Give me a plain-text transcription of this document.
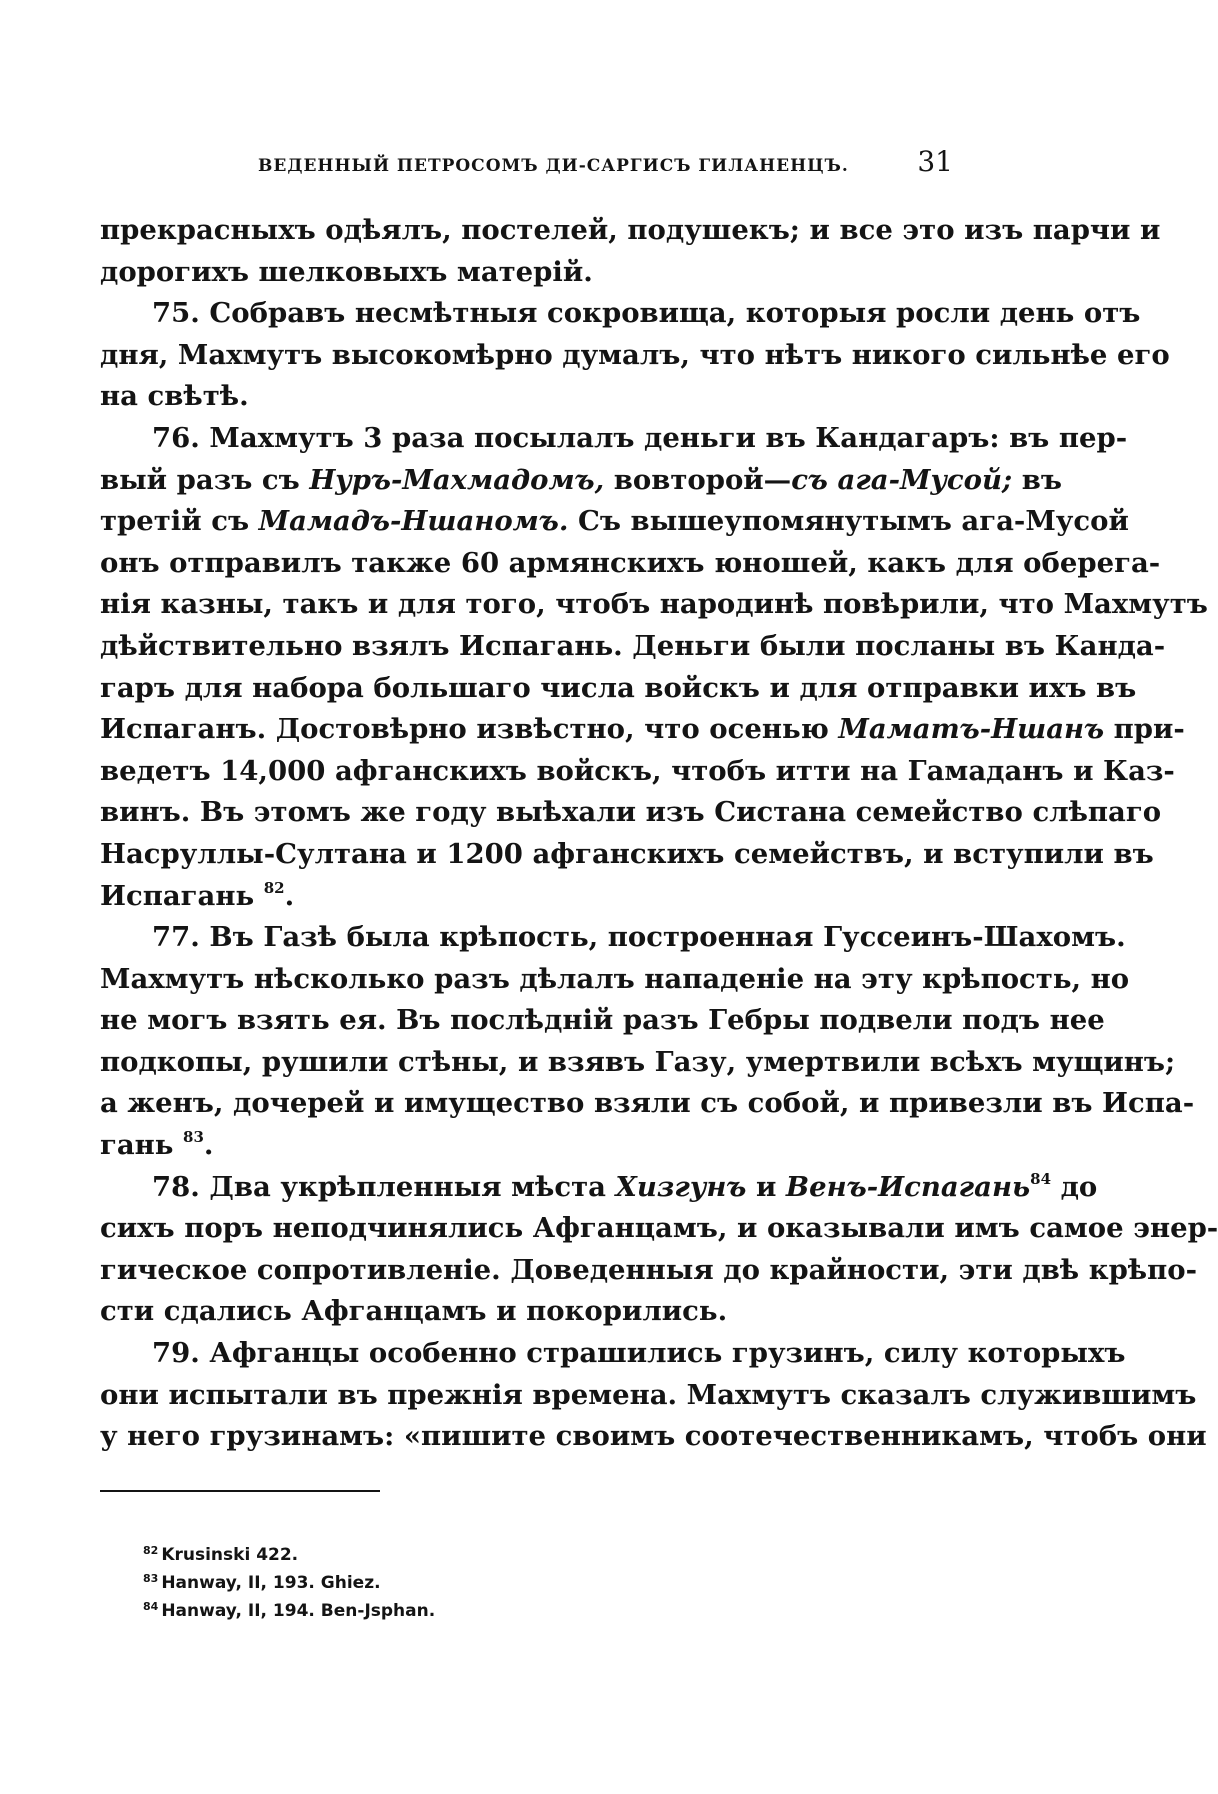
ВЕДЕННЫЙ ПЕТРОСОМЪ ДИ-САРГИСЪ ГИЛАНЕНЦЪ. 31
прекрасныхъ одѣялъ, постелей, подушекъ; и все это изъ парчи и
дорогихъ шелковыхъ матерій.
75. Собравъ несмѣтныя сокровища, которыя росли день отъ
дня, Махмутъ высокомѣрно думалъ, что нѣтъ никого сильнѣе его
на свѣтѣ.
76. Махмутъ 3 раза посылалъ деньги въ Кандагаръ: въ пер-
вый разъ съ Нуръ-Махмадомъ, вовторой—съ ага-Мусой; въ
третій съ Мамадъ-Ншаномъ. Съ вышеупомянутымъ ага-Мусой
онъ отправилъ также 60 армянскихъ юношей, какъ для оберега-
нія казны, такъ и для того, чтобъ народинѣ повѣрили, что Махмутъ
дѣйствительно взялъ Испагань. Деньги были посланы въ Канда-
гаръ для набора большаго числа войскъ и для отправки ихъ въ
Испаганъ. Достовѣрно извѣстно, что осенью Маматъ-Ншанъ при-
ведетъ 14,000 афганскихъ войскъ, чтобъ итти на Гамаданъ и Каз-
винъ. Въ этомъ же году выѣхали изъ Систана семейство слѣпаго
Насруллы-Султана и 1200 афганскихъ семействъ, и вступили въ
Испагань $^{82}$.
77. Въ Газѣ была крѣпость, построенная Гуссеинъ-Шахомъ.
Махмутъ нѣсколько разъ дѣлалъ нападеніе на эту крѣпость, но
не могъ взять ея. Въ послѣдній разъ Гебры подвели подъ нее
подкопы, рушили стѣны, и взявъ Газу, умертвили всѣхъ мущинъ;
а женъ, дочерей и имущество взяли съ собой, и привезли въ Испа-
гань $^{83}$.
78. Два укрѣпленныя мѣста Хизгунъ и Венъ-Испагань$^{84}$ до
сихъ поръ неподчинялись Афганцамъ, и оказывали имъ самое энер-
гическое сопротивленіе. Доведенныя до крайности, эти двѣ крѣпо-
сти сдались Афганцамъ и покорились.
79. Афганцы особенно страшились грузинъ, силу которыхъ
они испытали въ прежнія времена. Махмутъ сказалъ служившимъ
у него грузинамъ: «пишите своимъ соотечественникамъ, чтобъ они
$^{82}$ Krusinski 422.
$^{83}$ Hanway, II, 193. Ghiez.
$^{84}$ Hanway, II, 194. Ben-Jsphan.
